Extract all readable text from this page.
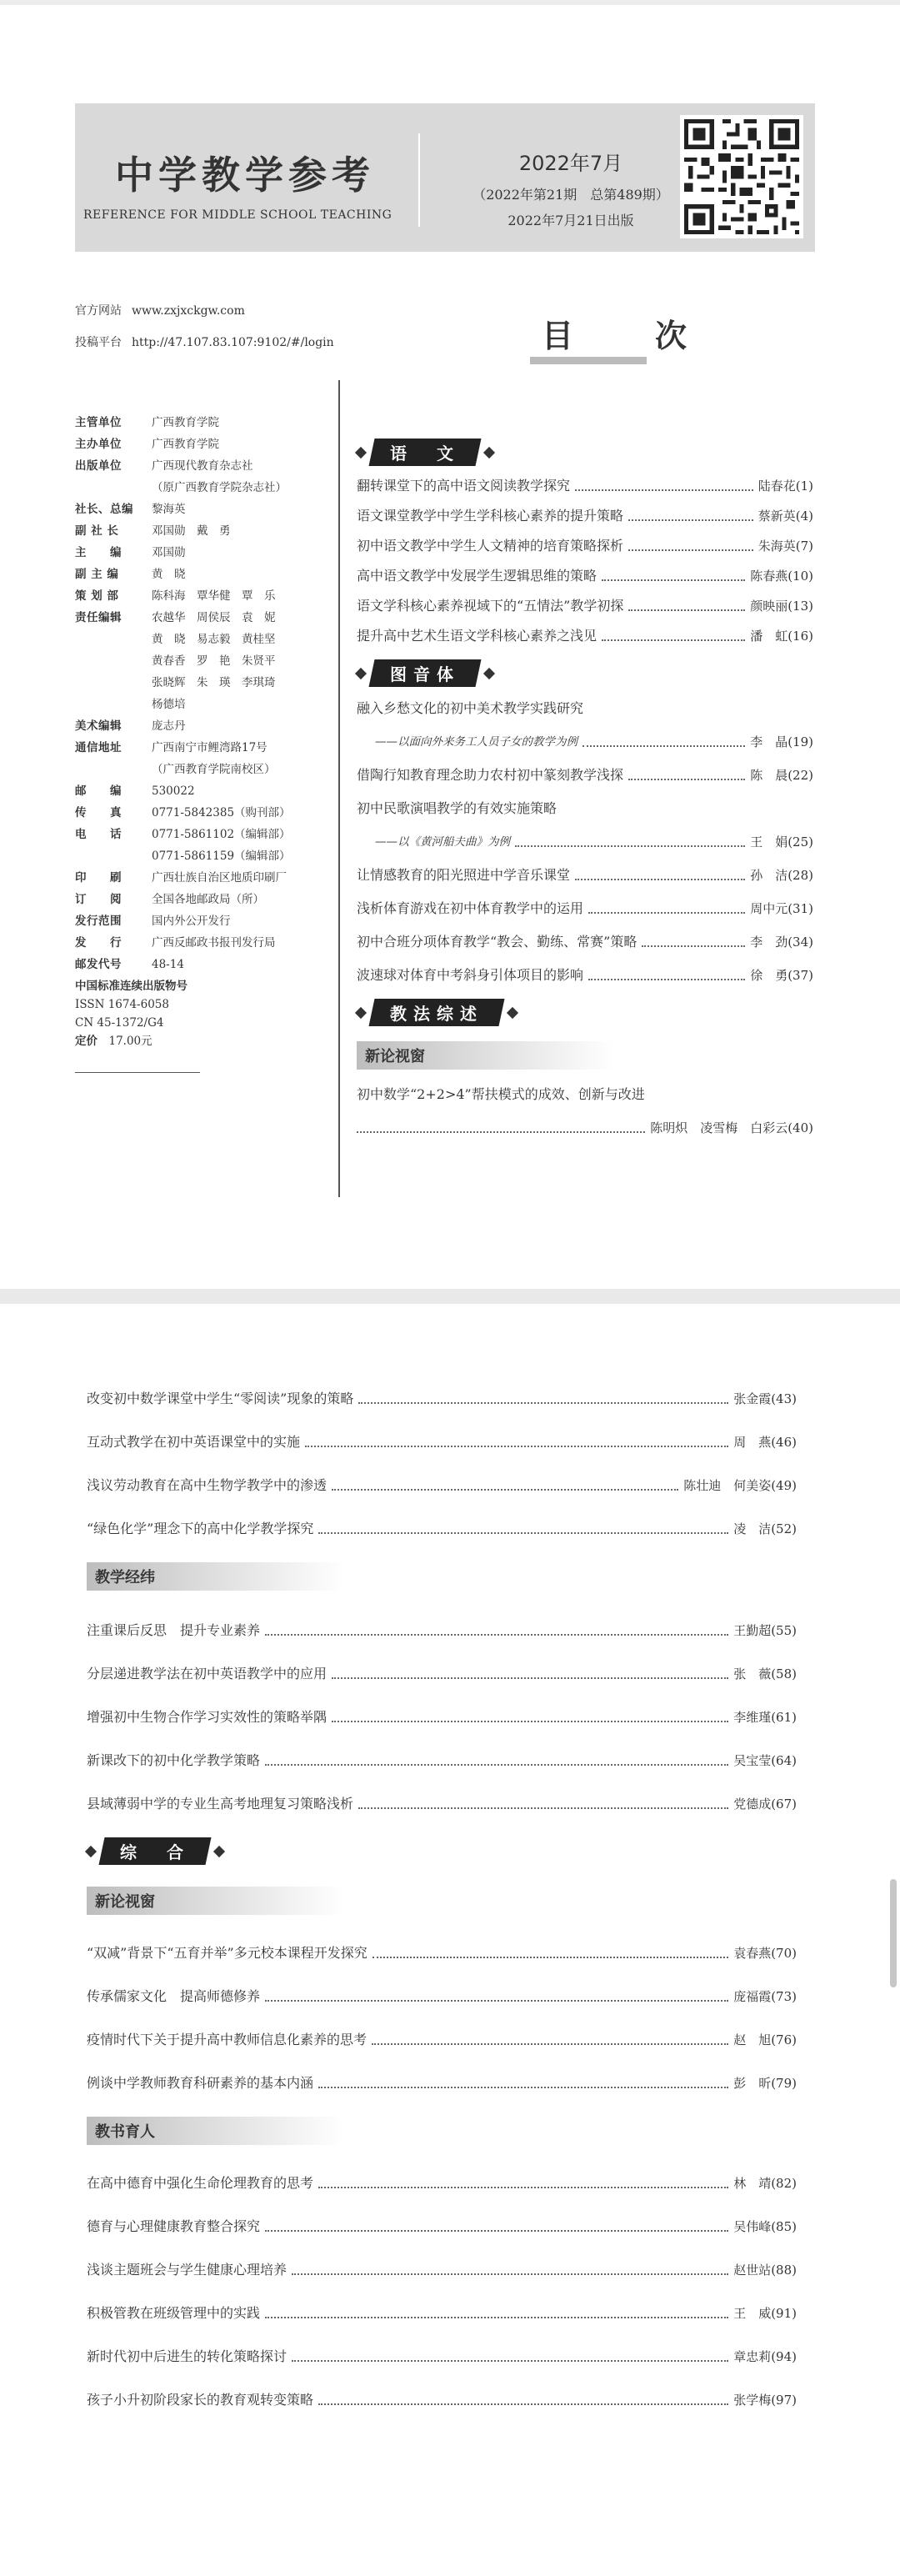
中学教学参考
REFERENCE FOR MIDDLE SCHOOL TEACHING
2022年7月
（2022年第21期　总第489期）
2022年7月21日出版
官方网站 www.zxjxckgw.com
投稿平台 http://47.107.83.107:9102/#/login	目　次
主管单位	广西教育学院
主办单位	广西教育学院
出版单位	广西现代教育杂志社
（原广西教育学院杂志社）
社长、总编	黎海英
副 社 长	邓国勋　戴　勇
主　　编	邓国勋
副 主 编	黄　晓
策 划 部	陈科海　覃华健　覃　乐
责任编辑	农越华　周侯辰　袁　妮
黄　晓　易志毅　黄桂坚
黄春香　罗　艳　朱贤平
张晓辉　朱　瑛　李琪琦
杨德培
美术编辑	庞志丹
通信地址	广西南宁市鲤湾路17号
（广西教育学院南校区）
邮　　编	530022
传　　真	0771-5842385（购刊部）
电　　话	0771-5861102（编辑部）
0771-5861159（编辑部）
印　　刷	广西壮族自治区地质印刷厂
订　　阅	全国各地邮政局（所）
发行范围	国内外公开发行
发　　行	广西反邮政书报刊发行局
邮发代号	48-14
中国标准连续出版物号
ISSN 1674-6058
CN 45-1372/G4
定价　 17.00元
语　文
翻转课堂下的高中语文阅读教学探究	陆春花(1)
语文课堂教学中学生学科核心素养的提升策略	蔡新英(4)
初中语文教学中学生人文精神的培育策略探析	朱海英(7)
高中语文教学中发展学生逻辑思维的策略	陈春燕(10)
语文学科核心素养视域下的“五情法”教学初探	颜映丽(13)
提升高中艺术生语文学科核心素养之浅见	潘　虹(16)
图音体
融入乡愁文化的初中美术教学实践研究
——以面向外来务工人员子女的教学为例	李　晶(19)
借陶行知教育理念助力农村初中篆刻教学浅探	陈　晨(22)
初中民歌演唱教学的有效实施策略
——以《黄河船夫曲》为例	王　娟(25)
让情感教育的阳光照进中学音乐课堂	孙　洁(28)
浅析体育游戏在初中体育教学中的运用	周中元(31)
初中合班分项体育教学“教会、勤练、常赛”策略	李　劲(34)
波速球对体育中考斜身引体项目的影响	徐　勇(37)
教法综述
新论视窗
初中数学“2+2>4”帮扶模式的成效、创新与改进
陈明炽　凌雪梅　白彩云(40)
改变初中数学课堂中学生“零阅读”现象的策略	张金霞(43)
互动式教学在初中英语课堂中的实施	周　燕(46)
浅议劳动教育在高中生物学教学中的渗透	陈壮迪　何美姿(49)
“绿色化学”理念下的高中化学教学探究	凌　洁(52)
教学经纬
注重课后反思　提升专业素养	王勤超(55)
分层递进教学法在初中英语教学中的应用	张　薇(58)
增强初中生物合作学习实效性的策略举隅	李维瑾(61)
新课改下的初中化学教学策略	吴宝莹(64)
县域薄弱中学的专业生高考地理复习策略浅析	党德成(67)
综　合
新论视窗
“双减”背景下“五育并举”多元校本课程开发探究	袁春燕(70)
传承儒家文化　提高师德修养	庞福霞(73)
疫情时代下关于提升高中教师信息化素养的思考	赵　旭(76)
例谈中学教师教育科研素养的基本内涵	彭　昕(79)
教书育人
在高中德育中强化生命伦理教育的思考	林　靖(82)
德育与心理健康教育整合探究	吴伟峰(85)
浅谈主题班会与学生健康心理培养	赵世站(88)
积极管教在班级管理中的实践	王　威(91)
新时代初中后进生的转化策略探讨	章忠莉(94)
孩子小升初阶段家长的教育观转变策略	张学梅(97)
